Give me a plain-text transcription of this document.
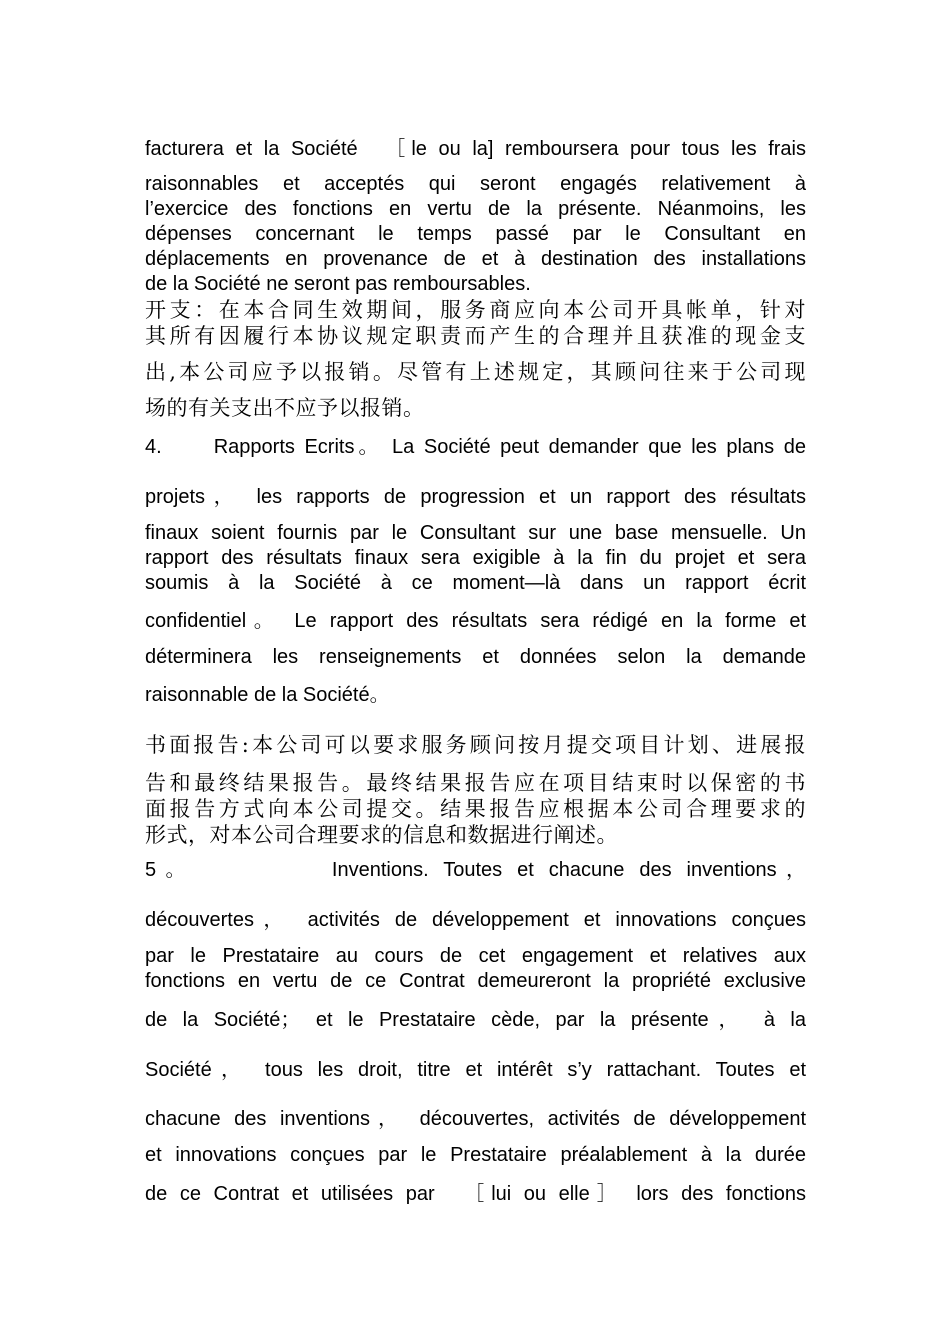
facturera et la Société 　［le ou la] remboursera pour tous les frais
raisonnables et acceptés qui seront engagés relativement à
l’exercice des fonctions en vertu de la présente. Néanmoins, les
dépenses concernant le temps passé par le Consultant en
déplacements en provenance de et à destination des installations
de la Société ne seront pas remboursables.
开支：在本合同生效期间，服务商应向本公司开具帐单，针对
其所有因履行本协议规定职责而产生的合理并且获准的现金支
出,本公司应予以报销。尽管有上述规定，其顾问往来于公司现
场的有关支出不应予以报销。
4.　　Rapports Ecrits。 La Société peut demander que les plans de
projets， les rapports de progression et un rapport des résultats
finaux soient fournis par le Consultant sur une base mensuelle. Un
rapport des résultats finaux sera exigible à la fin du projet et sera
soumis à la Société à ce moment—là dans un rapport écrit
confidentiel。 Le rapport des résultats sera rédigé en la forme et
déterminera les renseignements et données selon la demande
raisonnable de la Société。
书面报告:本公司可以要求服务顾问按月提交项目计划、进展报
告和最终结果报告。最终结果报告应在项目结束时以保密的书
面报告方式向本公司提交。结果报告应根据本公司合理要求的
形式，对本公司合理要求的信息和数据进行阐述。
5。　　　　　Inventions. Toutes et chacune des inventions，
découvertes， activités de développement et innovations conçues
par le Prestataire au cours de cet engagement et relatives aux
fonctions en vertu de ce Contrat demeureront la propriété exclusive
de la Société； et le Prestataire cède, par la présente， à la
Société， tous les droit, titre et intérêt s’y rattachant. Toutes et
chacune des inventions， découvertes, activités de développement
et innovations conçues par le Prestataire préalablement à la durée
de ce Contrat et utilisées par 　［lui ou elle］ lors des fonctions
